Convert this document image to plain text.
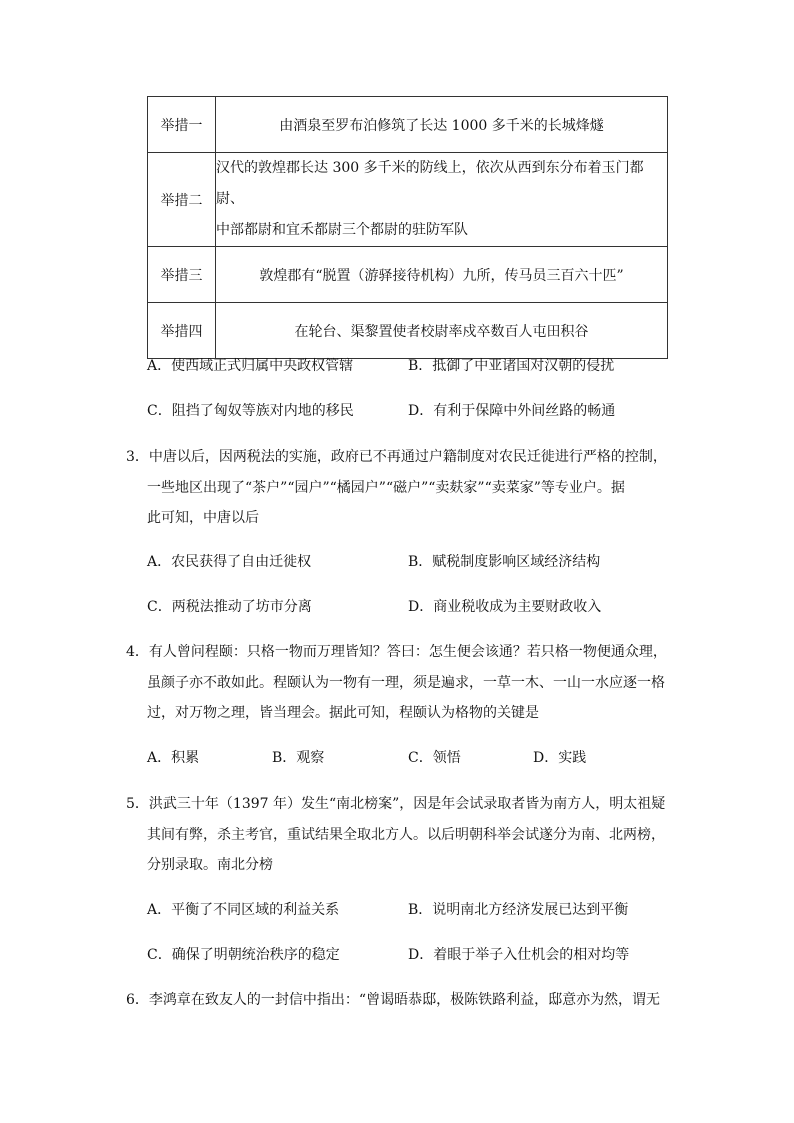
举措一	由酒泉至罗布泊修筑了长达 1000 多千米的长城烽燧
举措二	汉代的敦煌郡长达 300 多千米的防线上，依次从西到东分布着玉门都尉、
中部都尉和宜禾都尉三个都尉的驻防军队

举措三	敦煌郡有“脱置（游驿接待机构）九所，传马员三百六十匹”
举措四	在轮台、渠黎置使者校尉率戍卒数百人屯田积谷
A．使西域正式归属中央政权管辖	B．抵御了中亚诸国对汉朝的侵扰
C．阻挡了匈奴等族对内地的移民	D．有利于保障中外间丝路的畅通
3．中唐以后，因两税法的实施，政府已不再通过户籍制度对农民迁徙进行严格的控制，
一些地区出现了“茶户”“园户”“橘园户”“磁户”“卖麸家”“卖菜家”等专业户。据
此可知，中唐以后
A．农民获得了自由迁徙权	B．赋税制度影响区域经济结构
C．两税法推动了坊市分离	D．商业税收成为主要财政收入
4．有人曾问程颐：只格一物而万理皆知？答曰：怎生便会该通？若只格一物便通众理，
虽颜子亦不敢如此。程颐认为一物有一理，须是遍求，一草一木、一山一水应逐一格
过，对万物之理，皆当理会。据此可知，程颐认为格物的关键是
A．积累	B．观察	C．领悟	D．实践
5．洪武三十年（1397 年）发生“南北榜案”，因是年会试录取者皆为南方人，明太祖疑
其间有弊，杀主考官，重试结果全取北方人。以后明朝科举会试遂分为南、北两榜，
分别录取。南北分榜
A．平衡了不同区域的利益关系	B．说明南北方经济发展已达到平衡
C．确保了明朝统治秩序的稳定	D．着眼于举子入仕机会的相对均等
6．李鸿章在致友人的一封信中指出：“曾谒晤恭邸，极陈铁路利益，邸意亦为然，谓无
